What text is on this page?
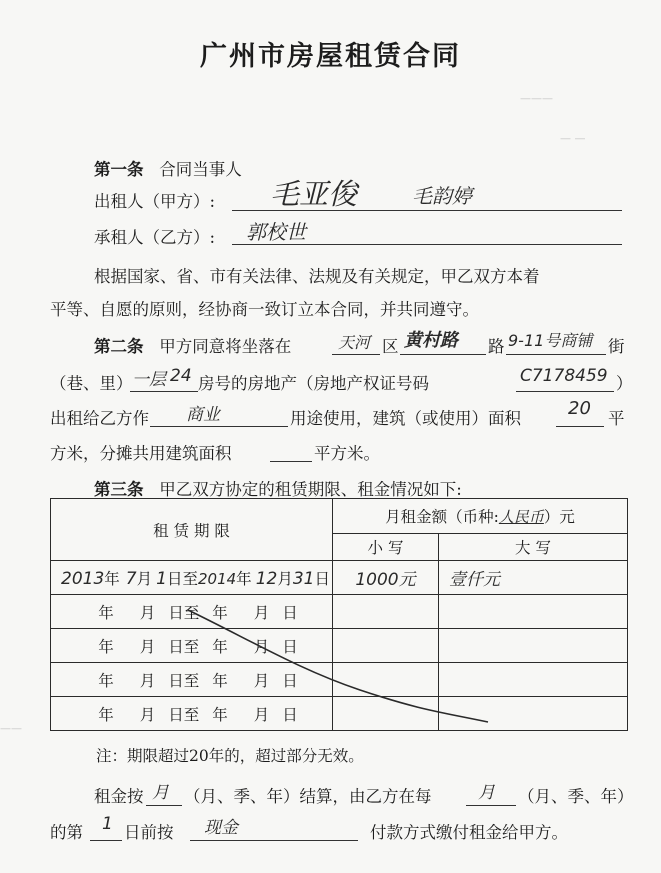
———
— —
——
广州市房屋租赁合同
第一条 合同当事人
出租人（甲方）: 毛亚俊	毛韵婷
承租人（乙方）: 郭校世
根据国家、省、市有关法律、法规及有关规定，甲乙双方本着
平等、自愿的原则，经协商一致订立本合同，并共同遵守。
第二条 甲方同意将坐落在	天河 区 黄村路 路 9-11号商铺 街
（巷、里） 一层 24 房号的房地产（房地产权证号码	C7178459 ）
出租给乙方作 商业	用途使用，建筑（或使用）面积	20 平
方米，分摊共用建筑面积	平方米。
第三条 甲乙双方协定的租赁期限、租金情况如下:
租 赁 期 限	月租金额（币种:人民币）元	
	小 写	大 写
2013年 7月 1日至2014年 12月31日	1000元	壹仟元
年 月 日至 年 月 日		
年 月 日至 年 月 日		
年 月 日至 年 月 日		
年 月 日至 年 月 日		
注：期限超过20年的，超过部分无效。
租金按 月 （月、季、年）结算，由乙方在每	月 （月、季、年）
的第 1 日前按 现金	付款方式缴付租金给甲方。
